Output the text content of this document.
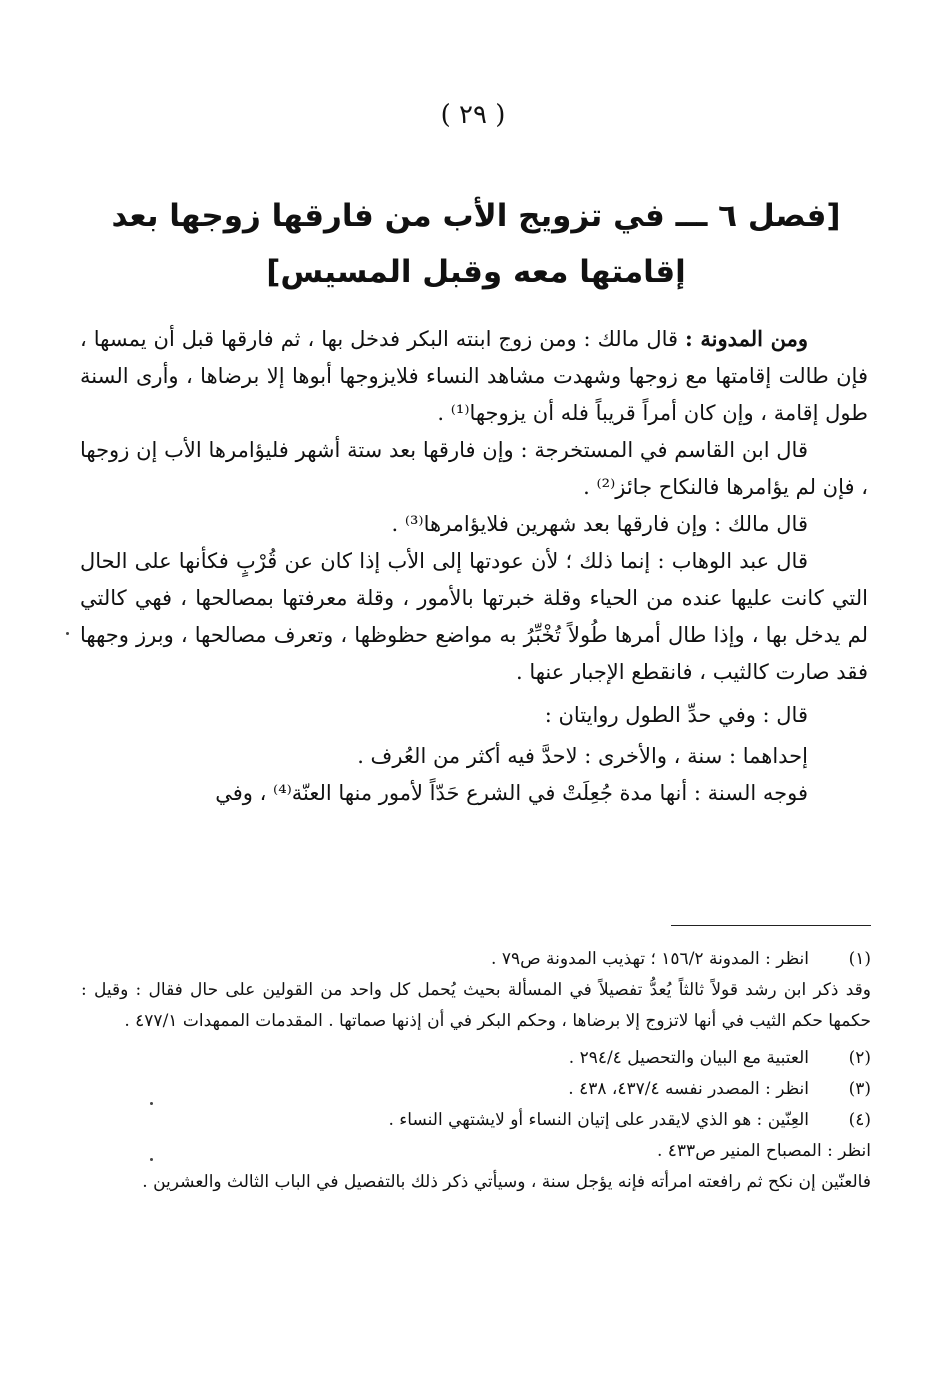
( ٢٩ )
[فصل ٦ ـــ في تزويج الأب من فارقها زوجها بعد إقامتها معه وقبل المسيس]

ومن المدونة : قال مالك : ومن زوج ابنته البكر فدخل بها ، ثم فارقها قبل أن يمسها ، فإن طالت إقامتها مع زوجها وشهدت مشاهد النساء فلايزوجها أبوها إلا برضاها ، وأرى السنة طول إقامة ، وإن كان أمراً قريباً فله أن يزوجها⁽¹⁾ .

قال ابن القاسم في المستخرجة : وإن فارقها بعد ستة أشهر فليؤامرها الأب إن زوجها ، فإن لم يؤامرها فالنكاح جائز⁽²⁾ .

قال مالك : وإن فارقها بعد شهرين فلايؤامرها⁽³⁾ .

قال عبد الوهاب : إنما ذلك ؛ لأن عودتها إلى الأب إذا كان عن قُرْبٍ فكأنها على الحال التي كانت عليها عنده من الحياء وقلة خبرتها بالأمور ، وقلة معرفتها بمصالحها ، فهي كالتي لم يدخل بها ، وإذا طال أمرها طُولاً تُخْبِّرُ به مواضع حظوظها ، وتعرف مصالحها ، وبرز وجهها فقد صارت كالثيب ، فانقطع الإجبار عنها .

قال : وفي حدِّ الطول روايتان :

إحداهما : سنة ، والأخرى : لاحدَّ فيه أكثر من العُرف .

فوجه السنة : أنها مدة جُعِلَتْ في الشرع حَدّاً لأمور منها العنّة⁽⁴⁾ ، وفي

(١)
انظر : المدونة ١٥٦/٢ ؛ تهذيب المدونة ص٧٩ .

وقد ذكر ابن رشد قولاً ثالثاً يُعدُّ تفصيلاً في المسألة بحيث يُحمل كل واحد من القولين على حال فقال : وقيل : حكمها حكم الثيب في أنها لاتزوج إلا برضاها ، وحكم البكر في أن إذنها صماتها . المقدمات الممهدات ٤٧٧/١ .

(٢)
العتبية مع البيان والتحصيل ٢٩٤/٤ .
(٣)
انظر : المصدر نفسه ٤٣٧/٤، ٤٣٨ .
(٤)
العِنّين : هو الذي لايقدر على إتيان النساء أو لايشتهي النساء .

انظر : المصباح المنير ص٤٣٣ .

فالعنّين إن نكح ثم رافعته امرأته فإنه يؤجل سنة ، وسيأتي ذكر ذلك بالتفصيل في الباب الثالث والعشرين .
